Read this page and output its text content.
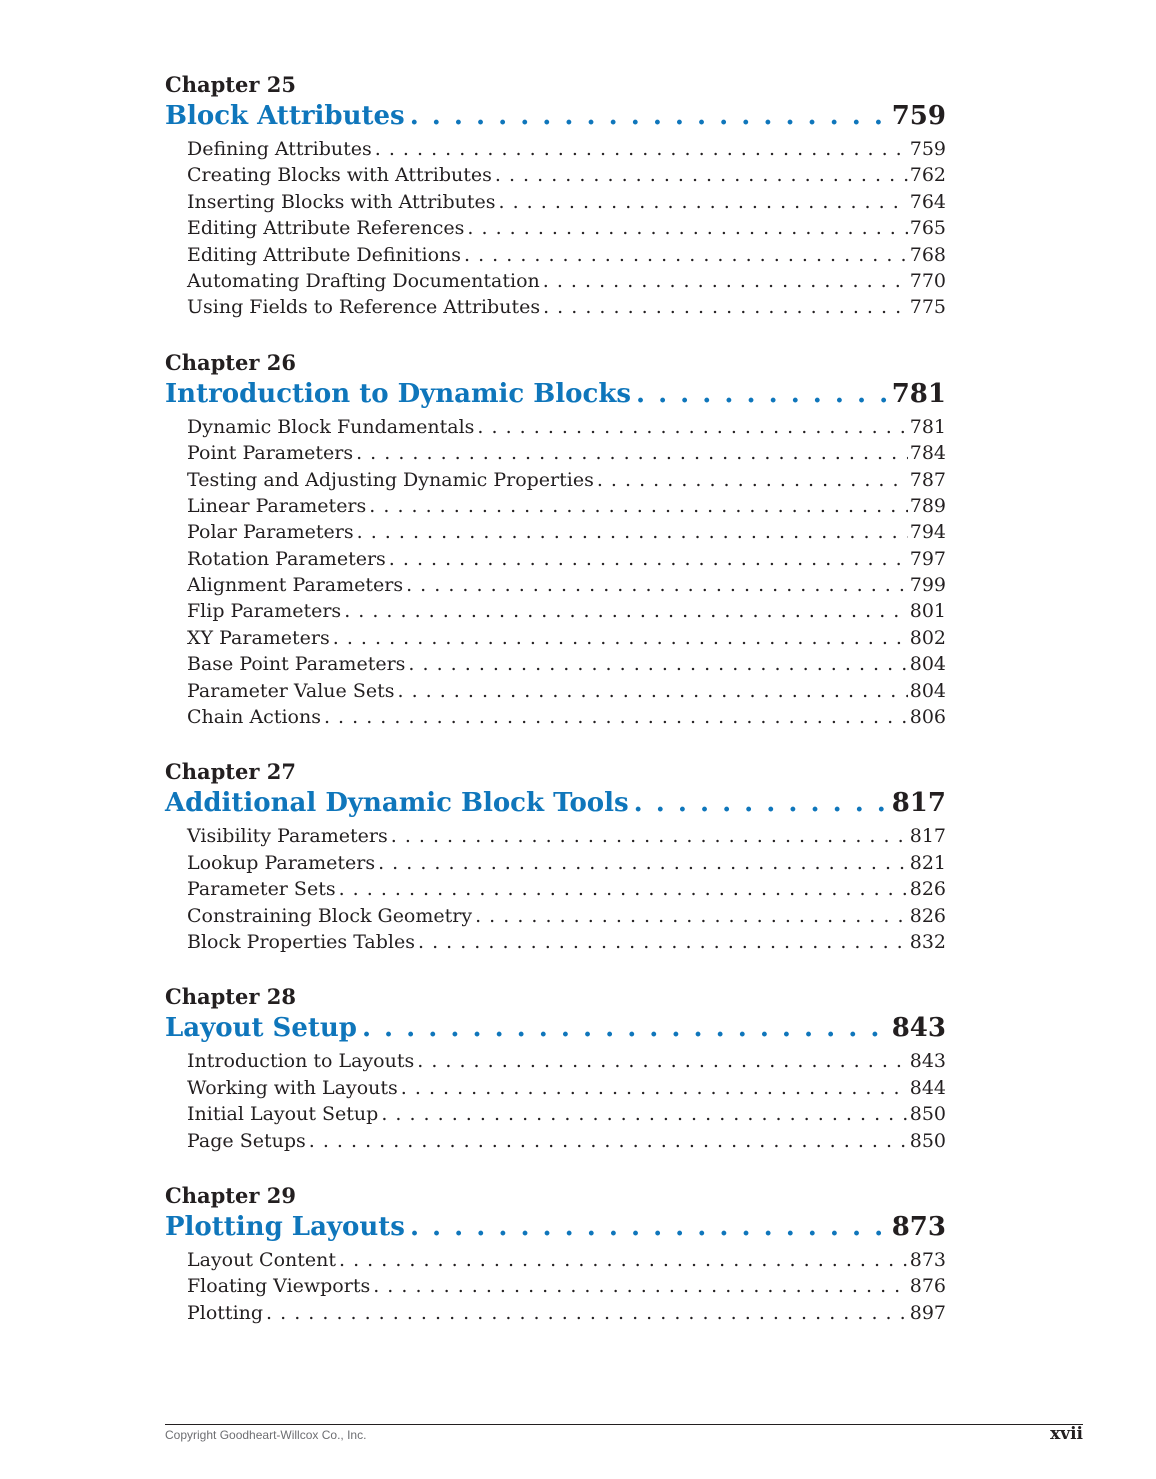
Chapter 25
Block Attributes . . .	759
Defining Attributes . . .	759
Creating Blocks with Attributes . . .	762
Inserting Blocks with Attributes . . .	764
Editing Attribute References . . .	765
Editing Attribute Definitions . . .	768
Automating Drafting Documentation . . .	770
Using Fields to Reference Attributes . . .	775
Chapter 26
Introduction to Dynamic Blocks . . .	781
Dynamic Block Fundamentals . . .	781
Point Parameters . . .	784
Testing and Adjusting Dynamic Properties . . .	787
Linear Parameters . . .	789
Polar Parameters . . .	794
Rotation Parameters . . .	797
Alignment Parameters . . .	799
Flip Parameters . . .	801
XY Parameters . . .	802
Base Point Parameters . . .	804
Parameter Value Sets . . .	804
Chain Actions . . .	806
Chapter 27
Additional Dynamic Block Tools . . .	817
Visibility Parameters . . .	817
Lookup Parameters . . .	821
Parameter Sets . . .	826
Constraining Block Geometry . . .	826
Block Properties Tables . . .	832
Chapter 28
Layout Setup . . .	843
Introduction to Layouts . . .	843
Working with Layouts . . .	844
Initial Layout Setup . . .	850
Page Setups . . .	850
Chapter 29
Plotting Layouts . . .	873
Layout Content . . .	873
Floating Viewports . . .	876
Plotting . . .	897
Copyright Goodheart-Willcox Co., Inc.	xvii
